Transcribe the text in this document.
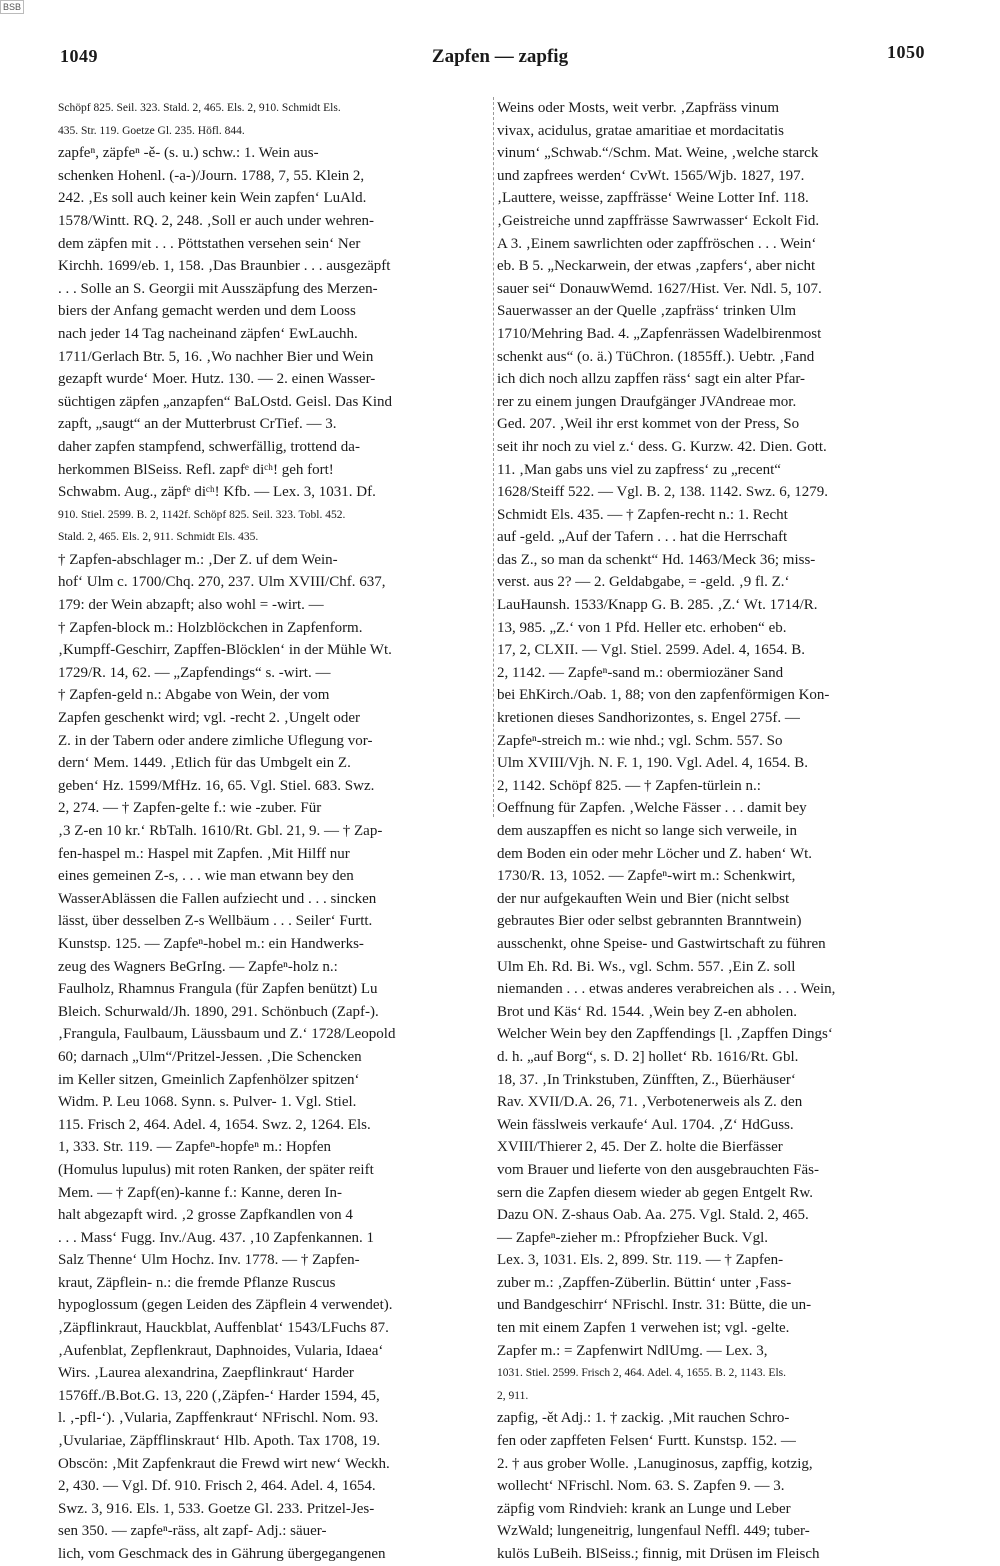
BSB
1049	Zapfen — zapfig	1050
Schöpf 825. Seil. 323. Stald. 2, 465. Els. 2, 910. Schmidt Els.
435. Str. 119. Goetze Gl. 235. Höfl. 844.
zapfeⁿ, zäpfeⁿ -ě- (s. u.) schw.: 1. Wein aus-
schenken Hohenl. (-a-)/Journ. 1788, 7, 55. Klein 2,
242. ‚Es soll auch keiner kein Wein zapfen‘ LuAld.
1578/Wintt. RQ. 2, 248. ‚Soll er auch under wehren-
dem zäpfen mit . . . Pöttstathen versehen sein‘ Ner
Kirchh. 1699/eb. 1, 158. ‚Das Braunbier . . . ausgezäpft
. . . Solle an S. Georgii mit Ausszäpfung des Merzen-
biers der Anfang gemacht werden und dem Looss
nach jeder 14 Tag nacheinand zäpfen‘ EwLauchh.
1711/Gerlach Btr. 5, 16. ‚Wo nachher Bier und Wein
gezapft wurde‘ Moer. Hutz. 130. — 2. einen Wasser-
süchtigen zäpfen „anzapfen“ BaLOstd. Geisl. Das Kind
zapft, „saugt“ an der Mutterbrust CrTief. — 3.
daher zapfen stampfend, schwerfällig, trottend da-
herkommen BlSeiss. Refl. zapfᵉ diᶜʰ! geh fort!
Schwabm. Aug., zäpfᵉ diᶜʰ! Kfb. — Lex. 3, 1031. Df.
910. Stiel. 2599. B. 2, 1142f. Schöpf 825. Seil. 323. Tobl. 452.
Stald. 2, 465. Els. 2, 911. Schmidt Els. 435.
† Zapfen-abschlager m.: ‚Der Z. uf dem Wein-
hof‘ Ulm c. 1700/Chq. 270, 237. Ulm XVIII/Chf. 637,
179: der Wein abzapft; also wohl = -wirt. —
† Zapfen-block m.: Holzblöckchen in Zapfenform.
‚Kumpff-Geschirr, Zapffen-Blöcklen‘ in der Mühle Wt.
1729/R. 14, 62. — „Zapfendings“ s. -wirt. —
† Zapfen-geld n.: Abgabe von Wein, der vom
Zapfen geschenkt wird; vgl. -recht 2. ‚Ungelt oder
Z. in der Tabern oder andere zimliche Uflegung vor-
dern‘ Mem. 1449. ‚Etlich für das Umbgelt ein Z.
geben‘ Hz. 1599/MfHz. 16, 65. Vgl. Stiel. 683. Swz.
2, 274. — † Zapfen-gelte f.: wie -zuber. Für
‚3 Z-en 10 kr.‘ RbTalh. 1610/Rt. Gbl. 21, 9. — † Zap-
fen-haspel m.: Haspel mit Zapfen. ‚Mit Hilff nur
eines gemeinen Z-s, . . . wie man etwann bey den
WasserAblässen die Fallen aufziecht und . . . sincken
lässt, über desselben Z-s Wellbäum . . . Seiler‘ Furtt.
Kunstsp. 125. — Zapfeⁿ-hobel m.: ein Handwerks-
zeug des Wagners BeGrIng. — Zapfeⁿ-holz n.:
Faulholz, Rhamnus Frangula (für Zapfen benützt) Lu
Bleich. Schurwald/Jh. 1890, 291. Schönbuch (Zapf-).
‚Frangula, Faulbaum, Läussbaum und Z.‘ 1728/Leopold
60; darnach „Ulm“/Pritzel-Jessen. ‚Die Schencken
im Keller sitzen, Gmeinlich Zapfenhölzer spitzen‘
Widm. P. Leu 1068. Synn. s. Pulver- 1. Vgl. Stiel.
115. Frisch 2, 464. Adel. 4, 1654. Swz. 2, 1264. Els.
1, 333. Str. 119. — Zapfeⁿ-hopfeⁿ m.: Hopfen
(Homulus lupulus) mit roten Ranken, der später reift
Mem. — † Zapf(en)-kanne f.: Kanne, deren In-
halt abgezapft wird. ‚2 grosse Zapfkandlen von 4
. . . Mass‘ Fugg. Inv./Aug. 437. ‚10 Zapfenkannen. 1
Salz Thenne‘ Ulm Hochz. Inv. 1778. — † Zapfen-
kraut, Zäpflein- n.: die fremde Pflanze Ruscus
hypoglossum (gegen Leiden des Zäpflein 4 verwendet).
‚Zäpflinkraut, Hauckblat, Auffenblat‘ 1543/LFuchs 87.
‚Aufenblat, Zepflenkraut, Daphnoides, Vularia, Idaea‘
Wirs. ‚Laurea alexandrina, Zaepflinkraut‘ Harder
1576ff./B.Bot.G. 13, 220 (‚Zäpfen-‘ Harder 1594, 45,
l. ‚-pfl-‘). ‚Vularia, Zapffenkraut‘ NFrischl. Nom. 93.
‚Uvulariae, Zäpfflinskraut‘ Hlb. Apoth. Tax 1708, 19.
Obscön: ‚Mit Zapfenkraut die Frewd wirt new‘ Weckh.
2, 430. — Vgl. Df. 910. Frisch 2, 464. Adel. 4, 1654.
Swz. 3, 916. Els. 1, 533. Goetze Gl. 233. Pritzel-Jes-
sen 350. — zapfeⁿ-räss, alt zapf- Adj.: säuer-
lich, vom Geschmack des in Gährung übergegangenen
Weins oder Mosts, weit verbr. ‚Zapfräss vinum
vivax, acidulus, gratae amaritiae et mordacitatis
vinum‘ „Schwab.“/Schm. Mat. Weine, ‚welche starck
und zapfrees werden‘ CvWt. 1565/Wjb. 1827, 197.
‚Lauttere, weisse, zapffrässe‘ Weine Lotter Inf. 118.
‚Geistreiche unnd zapffrässe Sawrwasser‘ Eckolt Fid.
A 3. ‚Einem sawrlichten oder zapffröschen . . . Wein‘
eb. B 5. „Neckarwein, der etwas ‚zapfers‘, aber nicht
sauer sei“ DonauwWemd. 1627/Hist. Ver. Ndl. 5, 107.
Sauerwasser an der Quelle ‚zapfräss‘ trinken Ulm
1710/Mehring Bad. 4. „Zapfenrässen Wadelbirenmost
schenkt aus“ (o. ä.) TüChron. (1855ff.). Uebtr. ‚Fand
ich dich noch allzu zapffen räss‘ sagt ein alter Pfar-
rer zu einem jungen Draufgänger JVAndreae mor.
Ged. 207. ‚Weil ihr erst kommet von der Press, So
seit ihr noch zu viel z.‘ dess. G. Kurzw. 42. Dien. Gott.
11. ‚Man gabs uns viel zu zapfress‘ zu „recent“
1628/Steiff 522. — Vgl. B. 2, 138. 1142. Swz. 6, 1279.
Schmidt Els. 435. — † Zapfen-recht n.: 1. Recht
auf -geld. „Auf der Tafern . . . hat die Herrschaft
das Z., so man da schenkt“ Hd. 1463/Meck 36; miss-
verst. aus 2? — 2. Geldabgabe, = -geld. ‚9 fl. Z.‘
LauHaunsh. 1533/Knapp G. B. 285. ‚Z.‘ Wt. 1714/R.
13, 985. „Z.‘ von 1 Pfd. Heller etc. erhoben“ eb.
17, 2, CLXII. — Vgl. Stiel. 2599. Adel. 4, 1654. B.
2, 1142. — Zapfeⁿ-sand m.: obermiozäner Sand
bei EhKirch./Oab. 1, 88; von den zapfenförmigen Kon-
kretionen dieses Sandhorizontes, s. Engel 275f. —
Zapfeⁿ-streich m.: wie nhd.; vgl. Schm. 557. So
Ulm XVIII/Vjh. N. F. 1, 190. Vgl. Adel. 4, 1654. B.
2, 1142. Schöpf 825. — † Zapfen-türlein n.:
Oeffnung für Zapfen. ‚Welche Fässer . . . damit bey
dem auszapffen es nicht so lange sich verweile, in
dem Boden ein oder mehr Löcher und Z. haben‘ Wt.
1730/R. 13, 1052. — Zapfeⁿ-wirt m.: Schenkwirt,
der nur aufgekauften Wein und Bier (nicht selbst
gebrautes Bier oder selbst gebrannten Branntwein)
ausschenkt, ohne Speise- und Gastwirtschaft zu führen
Ulm Eh. Rd. Bi. Ws., vgl. Schm. 557. ‚Ein Z. soll
niemanden . . . etwas anderes verabreichen als . . . Wein,
Brot und Käs‘ Rd. 1544. ‚Wein bey Z-en abholen.
Welcher Wein bey den Zapffendings [l. ‚Zapffen Dings‘
d. h. „auf Borg“, s. D. 2] hollet‘ Rb. 1616/Rt. Gbl.
18, 37. ‚In Trinkstuben, Zünfften, Z., Büerhäuser‘
Rav. XVII/D.A. 26, 71. ‚Verbotenerweis als Z. den
Wein fässlweis verkaufe‘ Aul. 1704. ‚Z‘ HdGuss.
XVIII/Thierer 2, 45. Der Z. holte die Bierfässer
vom Brauer und lieferte von den ausgebrauchten Fäs-
sern die Zapfen diesem wieder ab gegen Entgelt Rw.
Dazu ON. Z-shaus Oab. Aa. 275. Vgl. Stald. 2, 465.
— Zapfeⁿ-zieher m.: Pfropfzieher Buck. Vgl.
Lex. 3, 1031. Els. 2, 899. Str. 119. — † Zapfen-
zuber m.: ‚Zapffen-Züberlin. Büttin‘ unter ‚Fass-
und Bandgeschirr‘ NFrischl. Instr. 31: Bütte, die un-
ten mit einem Zapfen 1 verwehen ist; vgl. -gelte.
Zapfer m.: = Zapfenwirt NdlUmg. — Lex. 3,
1031. Stiel. 2599. Frisch 2, 464. Adel. 4, 1655. B. 2, 1143. Els.
2, 911.
zapfig, -ět Adj.: 1. † zackig. ‚Mit rauchen Schro-
fen oder zapffeten Felsen‘ Furtt. Kunstsp. 152. —
2. † aus grober Wolle. ‚Lanuginosus, zapffig, kotzig,
wollecht‘ NFrischl. Nom. 63. S. Zapfen 9. — 3.
zäpfig vom Rindvieh: krank an Lunge und Leber
WzWald; lungeneitrig, lungenfaul Neffl. 449; tuber-
kulös LuBeih. BlSeiss.; finnig, mit Drüsen im Fleisch
